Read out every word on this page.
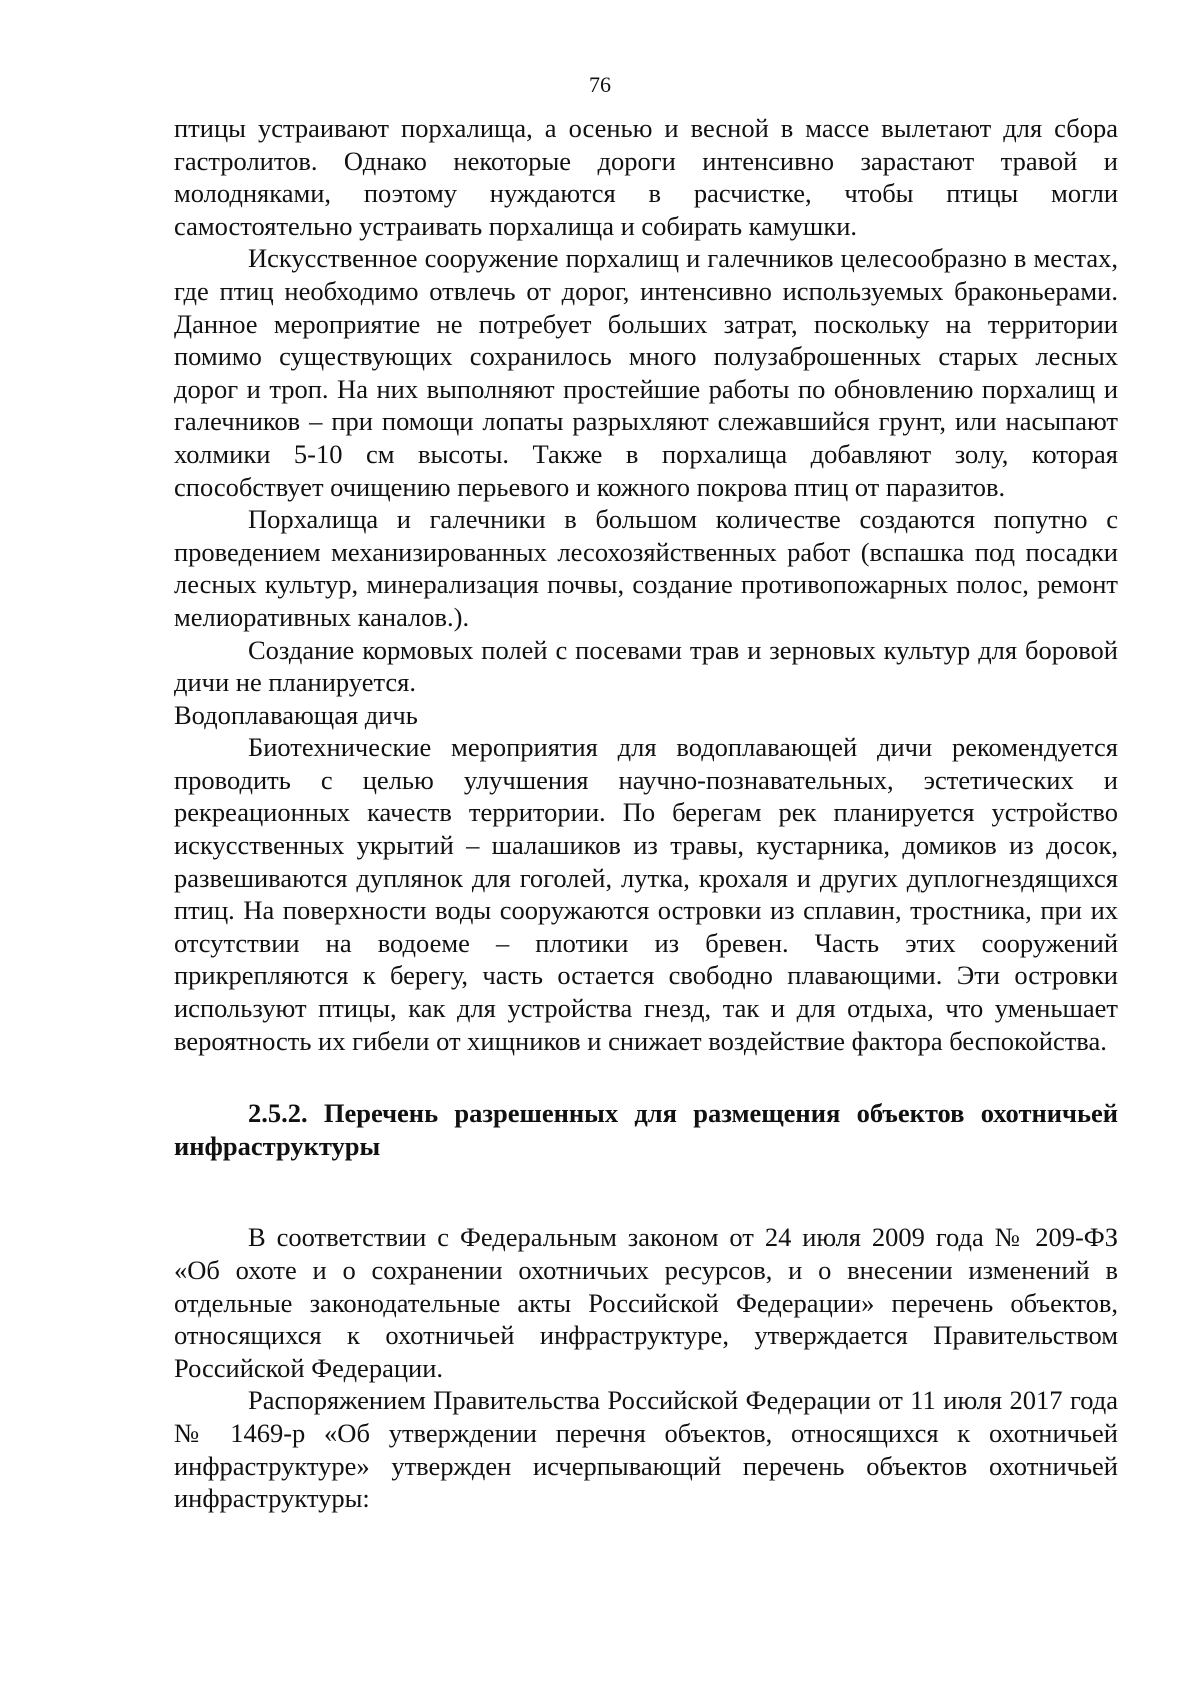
76

птицы устраивают порхалища, а осенью и весной в массе вылетают для сбора гастролитов. Однако некоторые дороги интенсивно зарастают травой и молодняками, поэтому нуждаются в расчистке, чтобы птицы могли самостоятельно устраивать порхалища и собирать камушки.

Искусственное сооружение порхалищ и галечников целесообразно в местах, где птиц необходимо отвлечь от дорог, интенсивно используемых браконьерами. Данное мероприятие не потребует больших затрат, поскольку на территории помимо существующих сохранилось много полузаброшенных старых лесных дорог и троп. На них выполняют простейшие работы по обновлению порхалищ и галечников – при помощи лопаты разрыхляют слежавшийся грунт, или насыпают холмики 5-10 см высоты. Также в порхалища добавляют золу, которая способствует очищению перьевого и кожного покрова птиц от паразитов.

Порхалища и галечники в большом количестве создаются попутно с проведением механизированных лесохозяйственных работ (вспашка под посадки лесных культур, минерализация почвы, создание противопожарных полос, ремонт мелиоративных каналов.).

Создание кормовых полей с посевами трав и зерновых культур для боровой дичи не планируется.

Водоплавающая дичь

Биотехнические мероприятия для водоплавающей дичи рекомендуется проводить с целью улучшения научно-познавательных, эстетических и рекреационных качеств территории. По берегам рек планируется устройство искусственных укрытий – шалашиков из травы, кустарника, домиков из досок, развешиваются дуплянок для гоголей, лутка, крохаля и других дуплогнездящихся птиц. На поверхности воды сооружаются островки из сплавин, тростника, при их отсутствии на водоеме – плотики из бревен. Часть этих сооружений прикрепляются к берегу, часть остается свободно плавающими. Эти островки используют птицы, как для устройства гнезд, так и для отдыха, что уменьшает вероятность их гибели от хищников и снижает воздействие фактора беспокойства.

2.5.2. Перечень разрешенных для размещения объектов охотничьей инфраструктуры

В соответствии с Федеральным законом от 24 июля 2009 года № 209-ФЗ «Об охоте и о сохранении охотничьих ресурсов, и о внесении изменений в отдельные законодательные акты Российской Федерации» перечень объектов, относящихся к охотничьей инфраструктуре, утверждается Правительством Российской Федерации.

Распоряжением Правительства Российской Федерации от 11 июля 2017 года № 1469-р «Об утверждении перечня объектов, относящихся к охотничьей инфраструктуре» утвержден исчерпывающий перечень объектов охотничьей инфраструктуры:
